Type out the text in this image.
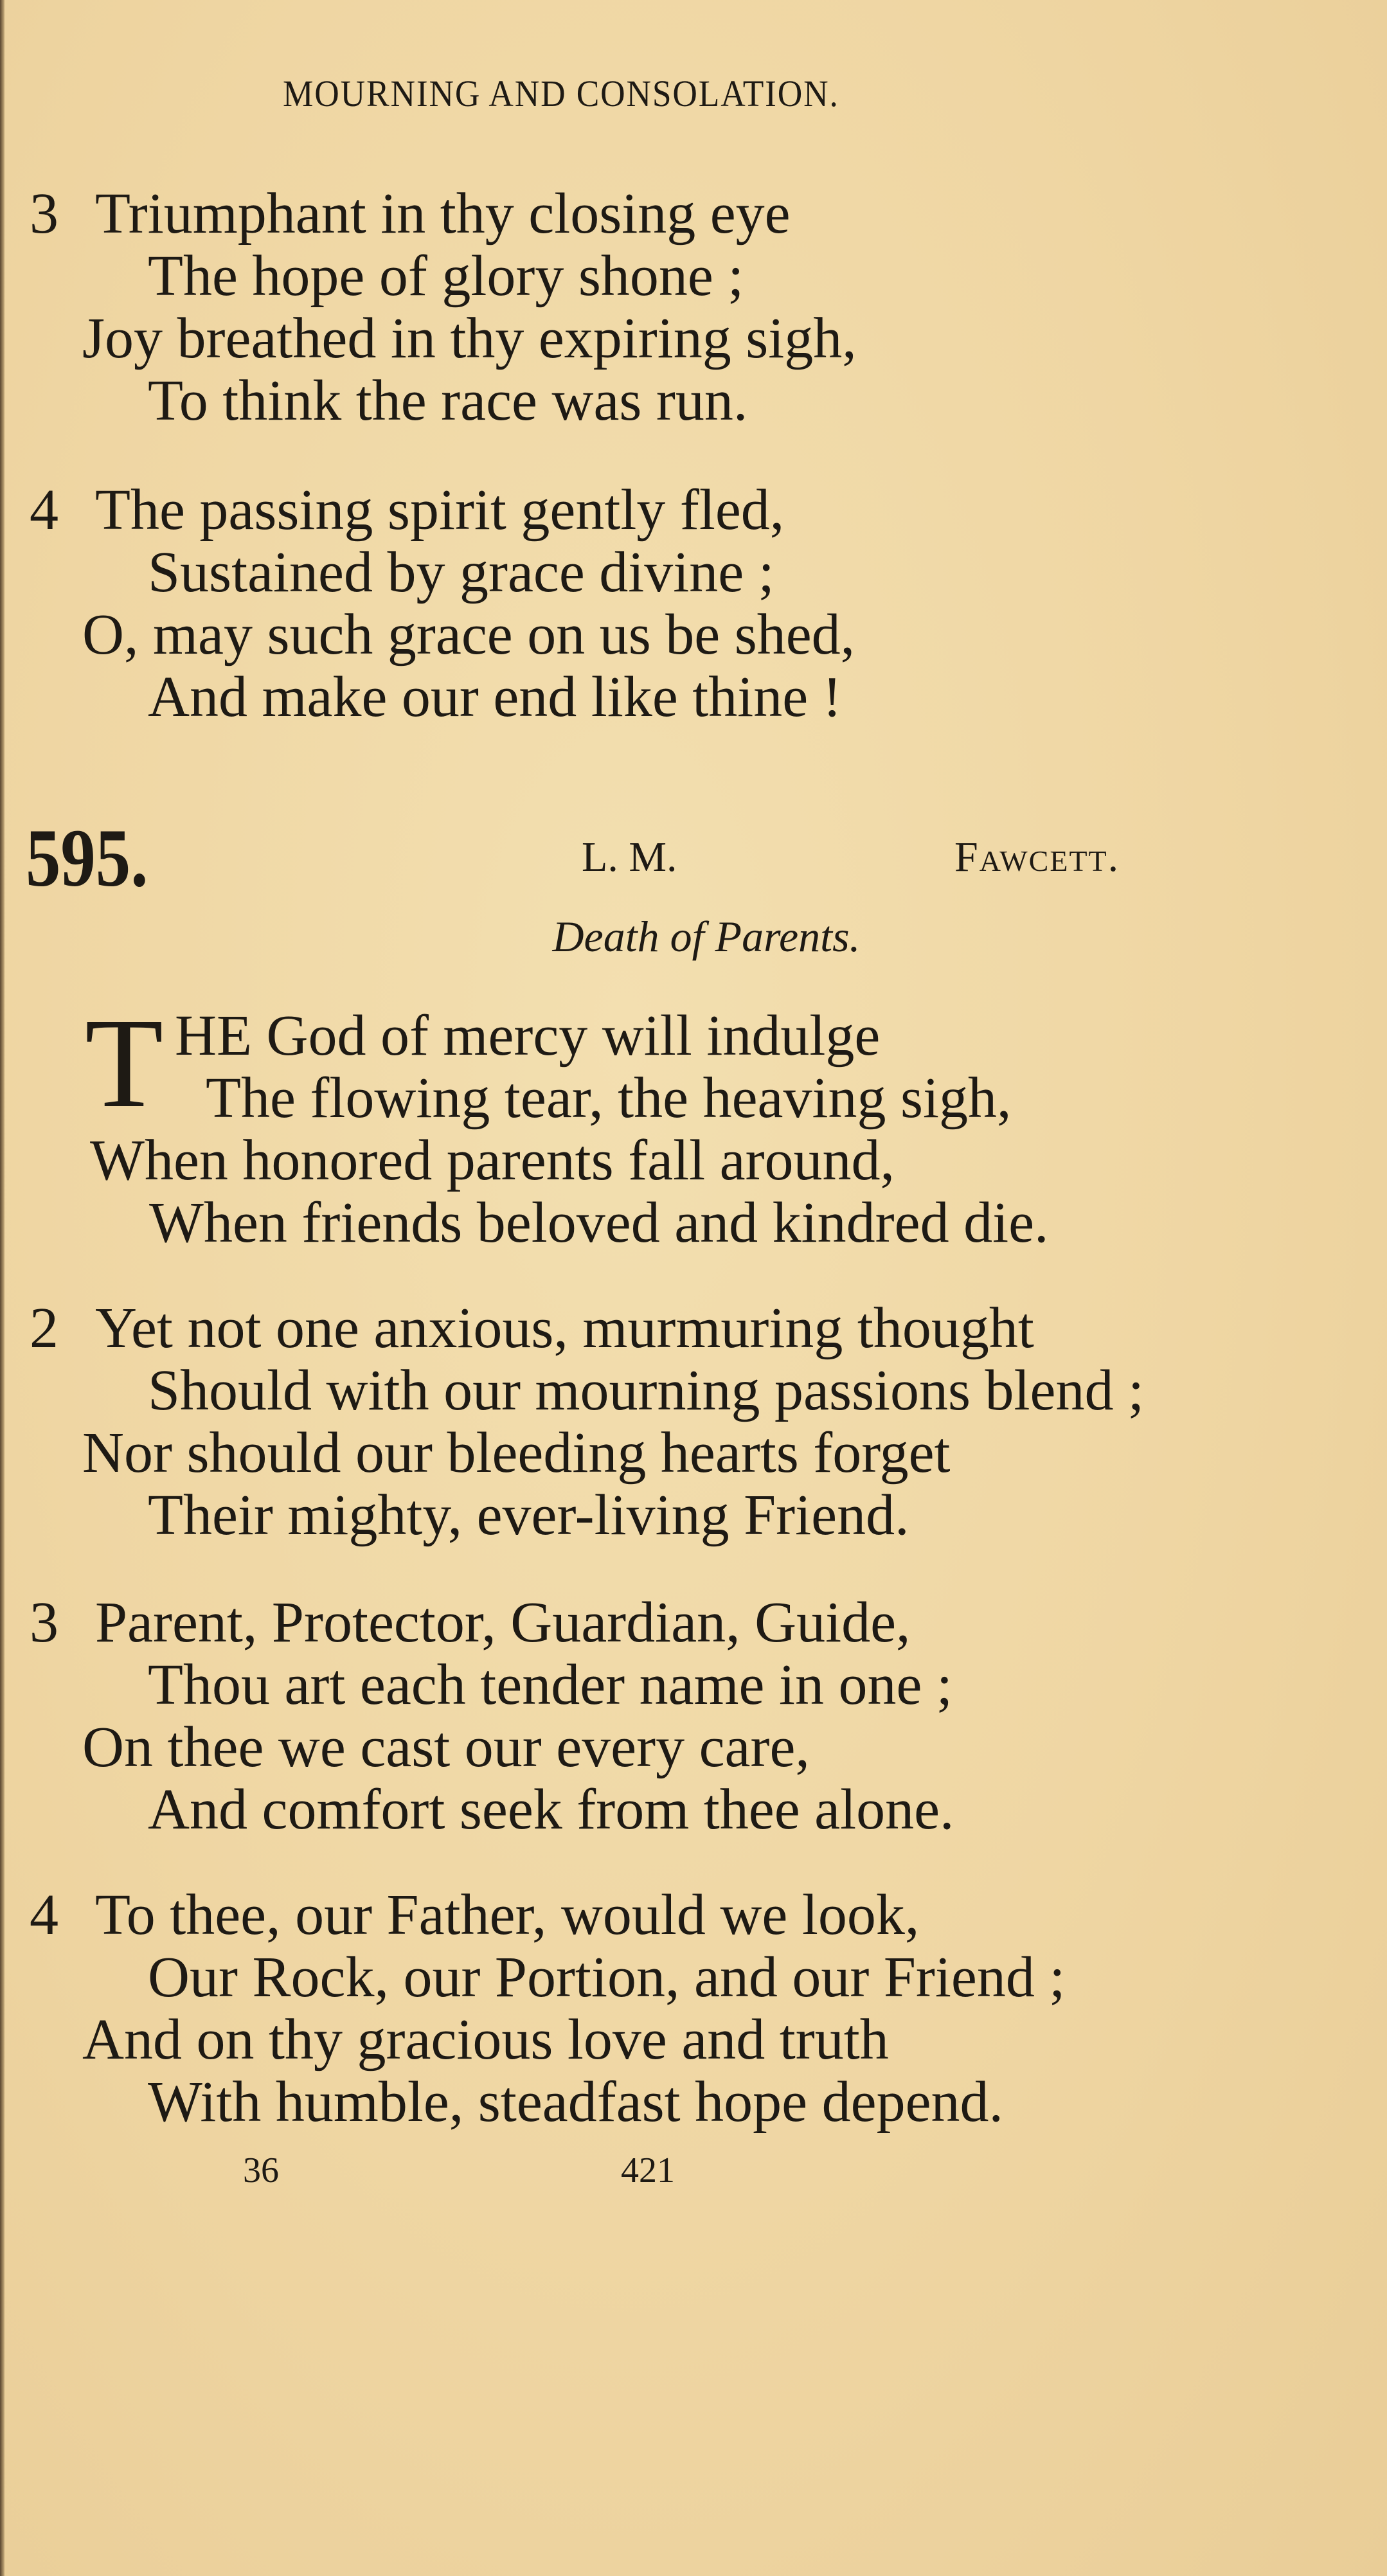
MOURNING AND CONSOLATION.
3 Triumphant in thy closing eye
The hope of glory shone ;
Joy breathed in thy expiring sigh,
To think the race was run.
4 The passing spirit gently fled,
Sustained by grace divine ;
O, may such grace on us be shed,
And make our end like thine !
595.	L. M.	Fawcett.
Death of Parents.
T HE God of mercy will indulge
The flowing tear, the heaving sigh,
When honored parents fall around,
When friends beloved and kindred die.
2 Yet not one anxious, murmuring thought
Should with our mourning passions blend ;
Nor should our bleeding hearts forget
Their mighty, ever-living Friend.
3 Parent, Protector, Guardian, Guide,
Thou art each tender name in one ;
On thee we cast our every care,
And comfort seek from thee alone.
4 To thee, our Father, would we look,
Our Rock, our Portion, and our Friend ;
And on thy gracious love and truth
With humble, steadfast hope depend.
36	421
